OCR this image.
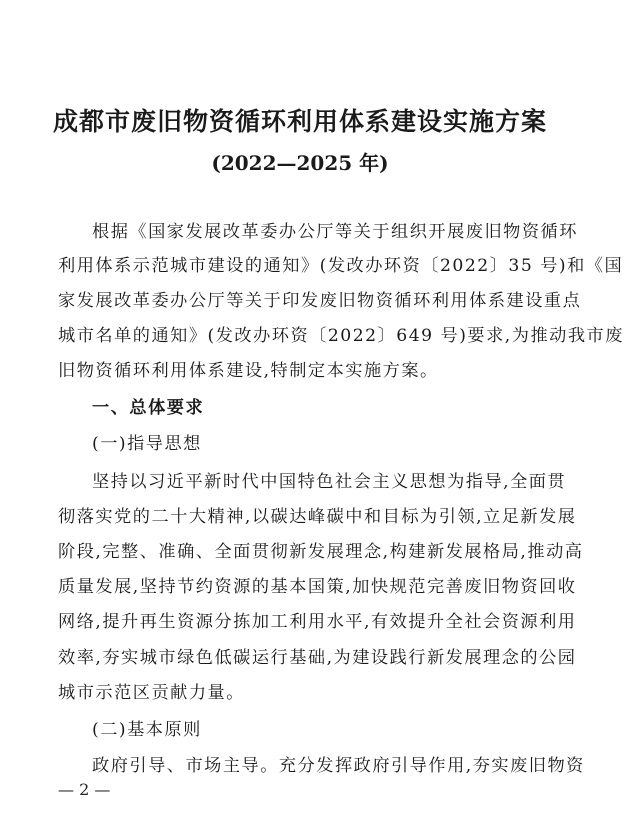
成都市废旧物资循环利用体系建设实施方案
(2022—2025 年)
根据《国家发展改革委办公厅等关于组织开展废旧物资循环
利用体系示范城市建设的通知》(发改办环资〔2022〕35 号)和《国
家发展改革委办公厅等关于印发废旧物资循环利用体系建设重点
城市名单的通知》(发改办环资〔2022〕649 号)要求,为推动我市废
旧物资循环利用体系建设,特制定本实施方案。
一、总体要求
(一)指导思想
坚持以习近平新时代中国特色社会主义思想为指导,全面贯
彻落实党的二十大精神,以碳达峰碳中和目标为引领,立足新发展
阶段,完整、准确、全面贯彻新发展理念,构建新发展格局,推动高
质量发展,坚持节约资源的基本国策,加快规范完善废旧物资回收
网络,提升再生资源分拣加工利用水平,有效提升全社会资源利用
效率,夯实城市绿色低碳运行基础,为建设践行新发展理念的公园
城市示范区贡献力量。
(二)基本原则
政府引导、市场主导。充分发挥政府引导作用,夯实废旧物资
— 2 —
